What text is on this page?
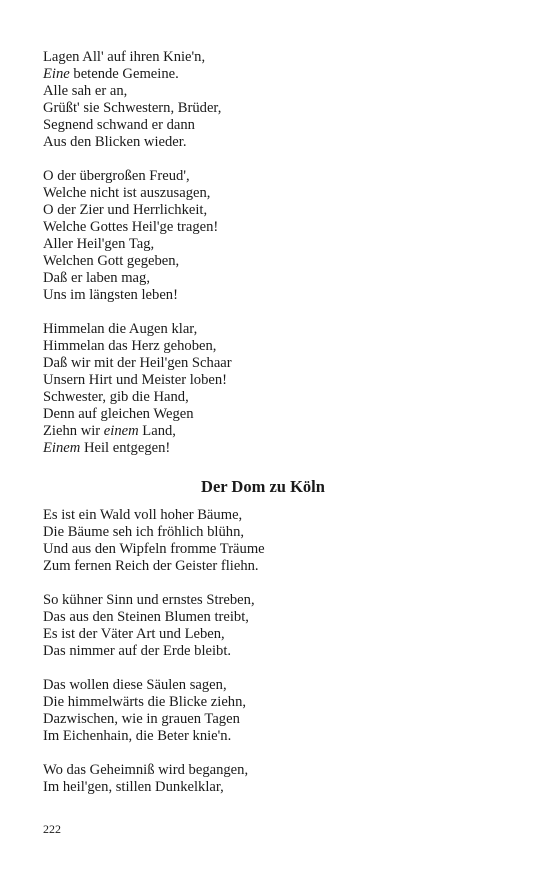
Lagen All' auf ihren Knie'n,
Eine betende Gemeine.
Alle sah er an,
Grüßt' sie Schwestern, Brüder,
Segnend schwand er dann
Aus den Blicken wieder.
O der übergroßen Freud',
Welche nicht ist auszusagen,
O der Zier und Herrlichkeit,
Welche Gottes Heil'ge tragen!
Aller Heil'gen Tag,
Welchen Gott gegeben,
Daß er laben mag,
Uns im längsten leben!
Himmelan die Augen klar,
Himmelan das Herz gehoben,
Daß wir mit der Heil'gen Schaar
Unsern Hirt und Meister loben!
Schwester, gib die Hand,
Denn auf gleichen Wegen
Ziehn wir einem Land,
Einem Heil entgegen!
Der Dom zu Köln
Es ist ein Wald voll hoher Bäume,
Die Bäume seh ich fröhlich blühn,
Und aus den Wipfeln fromme Träume
Zum fernen Reich der Geister fliehn.
So kühner Sinn und ernstes Streben,
Das aus den Steinen Blumen treibt,
Es ist der Väter Art und Leben,
Das nimmer auf der Erde bleibt.
Das wollen diese Säulen sagen,
Die himmelwärts die Blicke ziehn,
Dazwischen, wie in grauen Tagen
Im Eichenhain, die Beter knie'n.
Wo das Geheimniß wird begangen,
Im heil'gen, stillen Dunkelklar,
222
